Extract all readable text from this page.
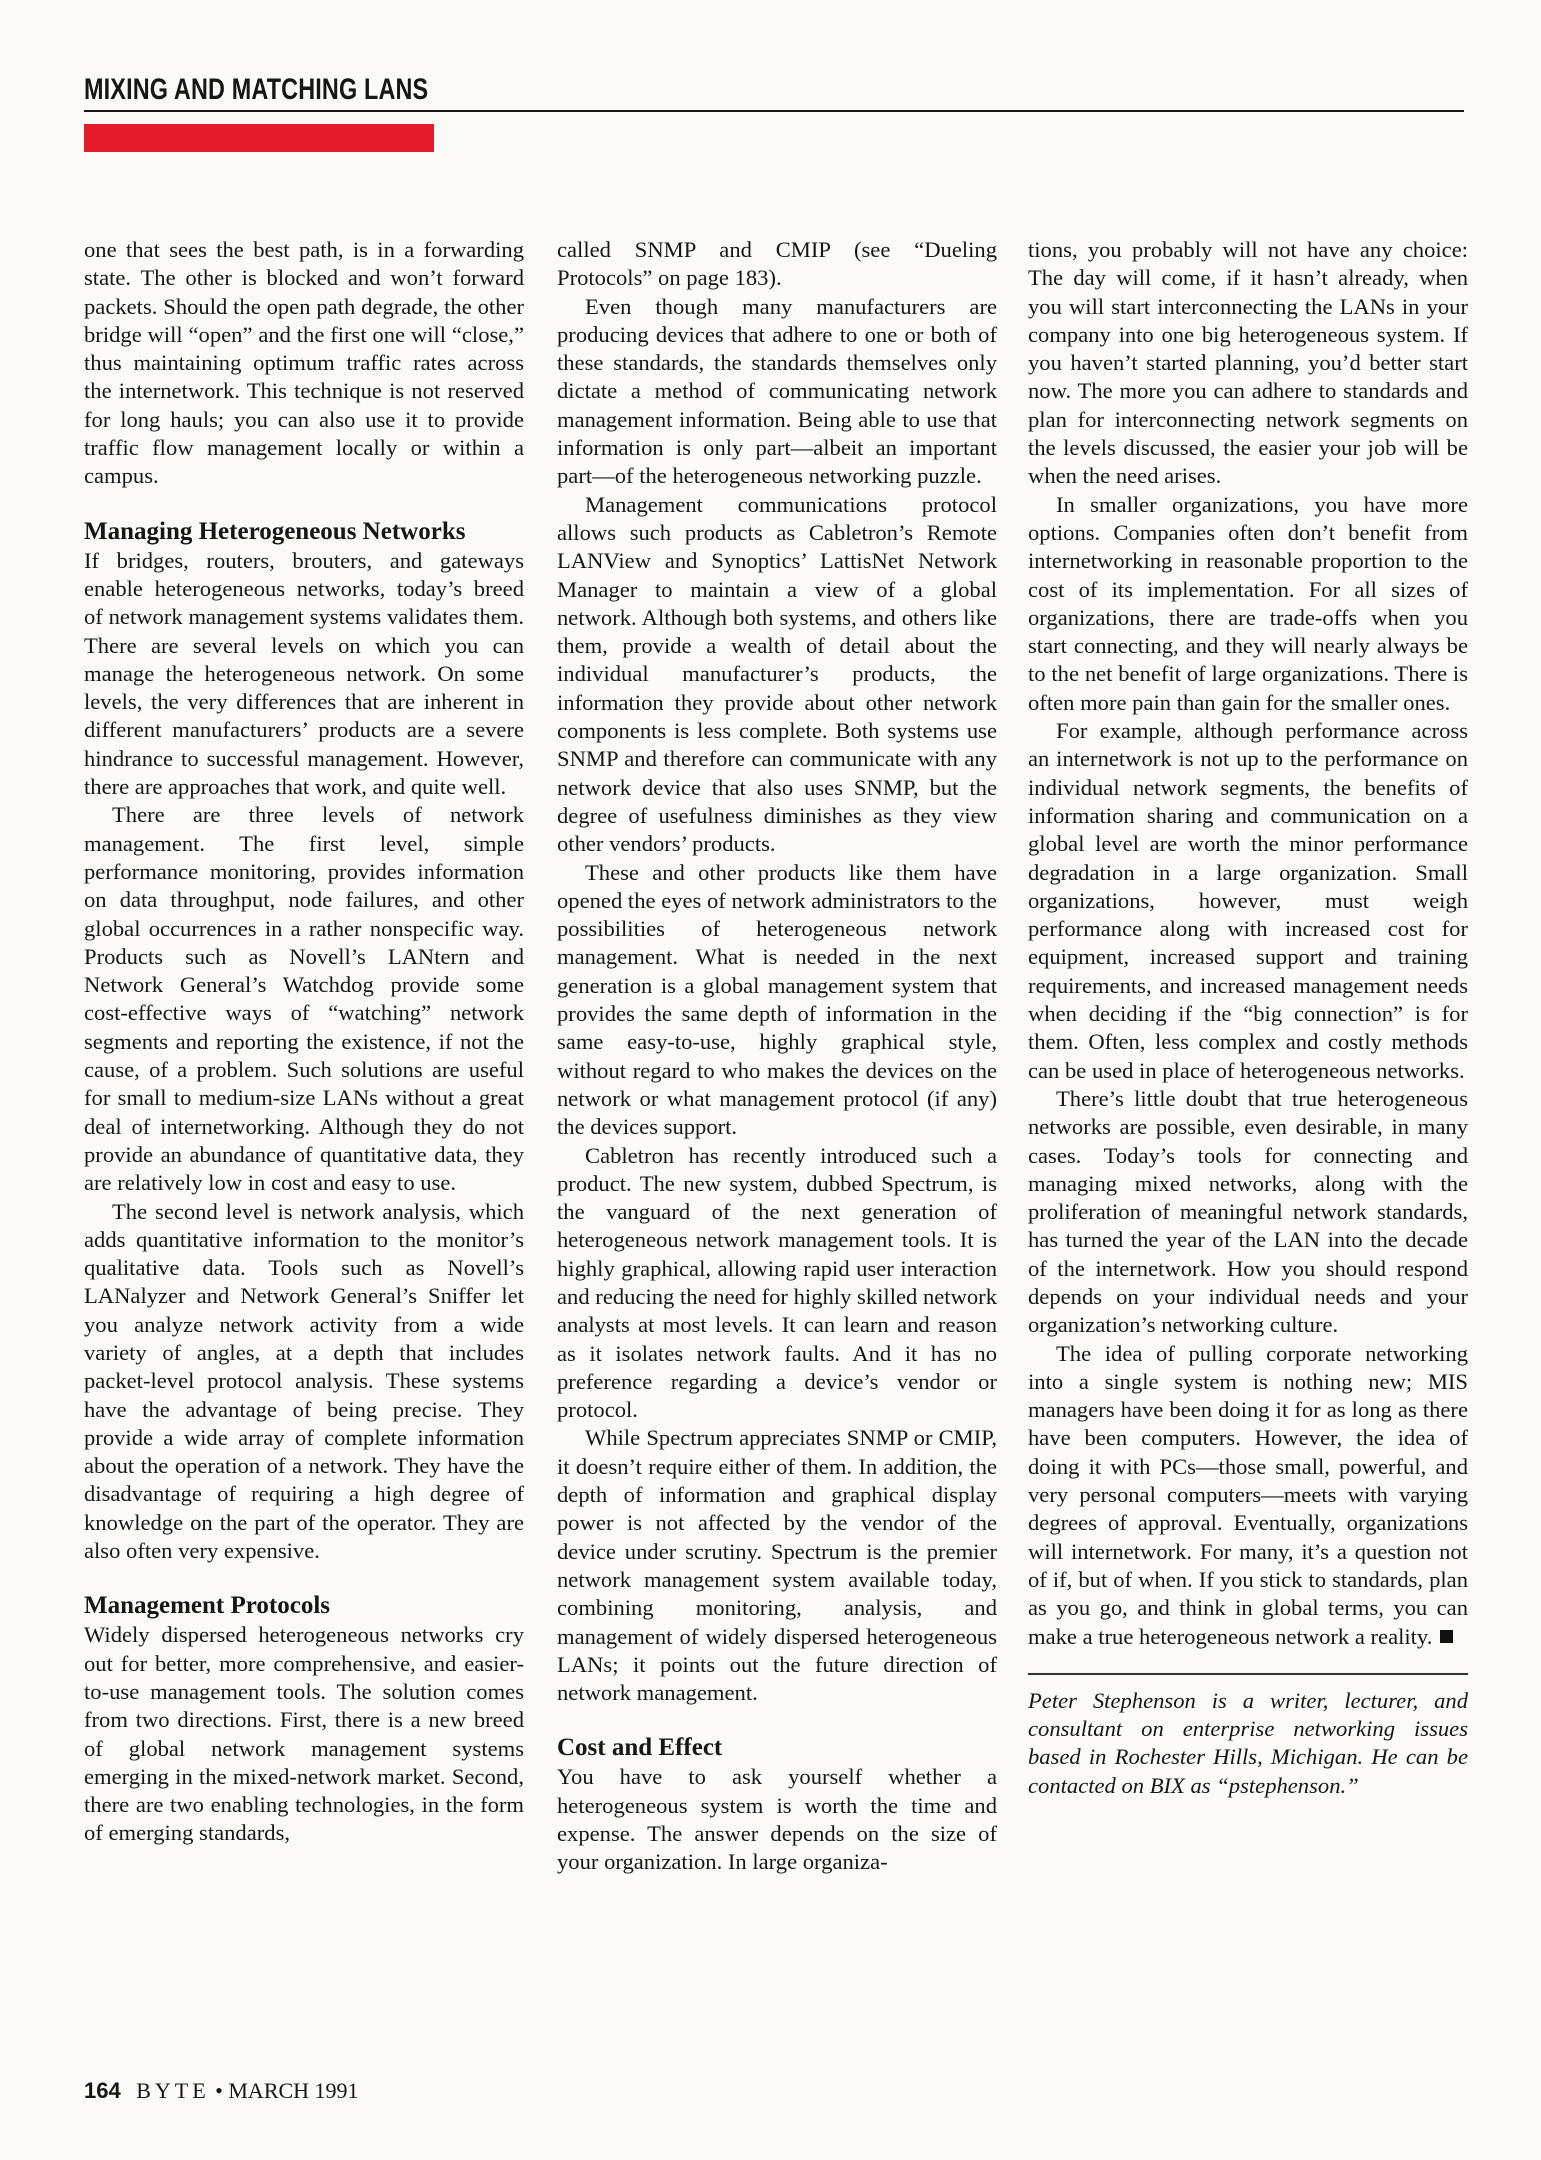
MIXING AND MATCHING LANS

one that sees the best path, is in a forwarding state. The other is blocked and won’t forward packets. Should the open path degrade, the other bridge will “open” and the first one will “close,” thus maintaining optimum traffic rates across the internetwork. This technique is not reserved for long hauls; you can also use it to provide traffic flow management locally or within a campus.

Managing Heterogeneous Networks

If bridges, routers, brouters, and gateways enable heterogeneous networks, today’s breed of network management systems validates them. There are several levels on which you can manage the heterogeneous network. On some levels, the very differences that are inherent in different manufacturers’ products are a severe hindrance to successful management. However, there are approaches that work, and quite well.

There are three levels of network management. The first level, simple performance monitoring, provides information on data throughput, node failures, and other global occurrences in a rather nonspecific way. Products such as Novell’s LANtern and Network General’s Watchdog provide some cost-effective ways of “watching” network segments and reporting the existence, if not the cause, of a problem. Such solutions are useful for small to medium-size LANs without a great deal of internetworking. Although they do not provide an abundance of quantitative data, they are relatively low in cost and easy to use.

The second level is network analysis, which adds quantitative information to the monitor’s qualitative data. Tools such as Novell’s LANalyzer and Network General’s Sniffer let you analyze network activity from a wide variety of angles, at a depth that includes packet-level protocol analysis. These systems have the advantage of being precise. They provide a wide array of complete information about the operation of a network. They have the disadvantage of requiring a high degree of knowledge on the part of the operator. They are also often very expensive.

Management Protocols

Widely dispersed heterogeneous networks cry out for better, more comprehensive, and easier-to-use management tools. The solution comes from two directions. First, there is a new breed of global network management systems emerging in the mixed-network market. Second, there are two enabling technologies, in the form of emerging standards,

called SNMP and CMIP (see “Dueling Protocols” on page 183).

Even though many manufacturers are producing devices that adhere to one or both of these standards, the standards themselves only dictate a method of communicating network management information. Being able to use that information is only part—albeit an important part—of the heterogeneous networking puzzle.

Management communications protocol allows such products as Cabletron’s Remote LANView and Synoptics’ LattisNet Network Manager to maintain a view of a global network. Although both systems, and others like them, provide a wealth of detail about the individual manufacturer’s products, the information they provide about other network components is less complete. Both systems use SNMP and therefore can communicate with any network device that also uses SNMP, but the degree of usefulness diminishes as they view other vendors’ products.

These and other products like them have opened the eyes of network administrators to the possibilities of heterogeneous network management. What is needed in the next generation is a global management system that provides the same depth of information in the same easy-to-use, highly graphical style, without regard to who makes the devices on the network or what management protocol (if any) the devices support.

Cabletron has recently introduced such a product. The new system, dubbed Spectrum, is the vanguard of the next generation of heterogeneous network management tools. It is highly graphical, allowing rapid user interaction and reducing the need for highly skilled network analysts at most levels. It can learn and reason as it isolates network faults. And it has no preference regarding a device’s vendor or protocol.

While Spectrum appreciates SNMP or CMIP, it doesn’t require either of them. In addition, the depth of information and graphical display power is not affected by the vendor of the device under scrutiny. Spectrum is the premier network management system available today, combining monitoring, analysis, and management of widely dispersed heterogeneous LANs; it points out the future direction of network management.

Cost and Effect

You have to ask yourself whether a heterogeneous system is worth the time and expense. The answer depends on the size of your organization. In large organiza-

tions, you probably will not have any choice: The day will come, if it hasn’t already, when you will start interconnecting the LANs in your company into one big heterogeneous system. If you haven’t started planning, you’d better start now. The more you can adhere to standards and plan for interconnecting network segments on the levels discussed, the easier your job will be when the need arises.

In smaller organizations, you have more options. Companies often don’t benefit from internetworking in reasonable proportion to the cost of its implementation. For all sizes of organizations, there are trade-offs when you start connecting, and they will nearly always be to the net benefit of large organizations. There is often more pain than gain for the smaller ones.

For example, although performance across an internetwork is not up to the performance on individual network segments, the benefits of information sharing and communication on a global level are worth the minor performance degradation in a large organization. Small organizations, however, must weigh performance along with increased cost for equipment, increased support and training requirements, and increased management needs when deciding if the “big connection” is for them. Often, less complex and costly methods can be used in place of heterogeneous networks.

There’s little doubt that true heterogeneous networks are possible, even desirable, in many cases. Today’s tools for connecting and managing mixed networks, along with the proliferation of meaningful network standards, has turned the year of the LAN into the decade of the internetwork. How you should respond depends on your individual needs and your organization’s networking culture.

The idea of pulling corporate networking into a single system is nothing new; MIS managers have been doing it for as long as there have been computers. However, the idea of doing it with PCs—those small, powerful, and very personal computers—meets with varying degrees of approval. Eventually, organizations will internetwork. For many, it’s a question not of if, but of when. If you stick to standards, plan as you go, and think in global terms, you can make a true heterogeneous network a reality.

Peter Stephenson is a writer, lecturer, and consultant on enterprise networking issues based in Rochester Hills, Michigan. He can be contacted on BIX as “pstephenson.”

164 BYTE • MARCH 1991
